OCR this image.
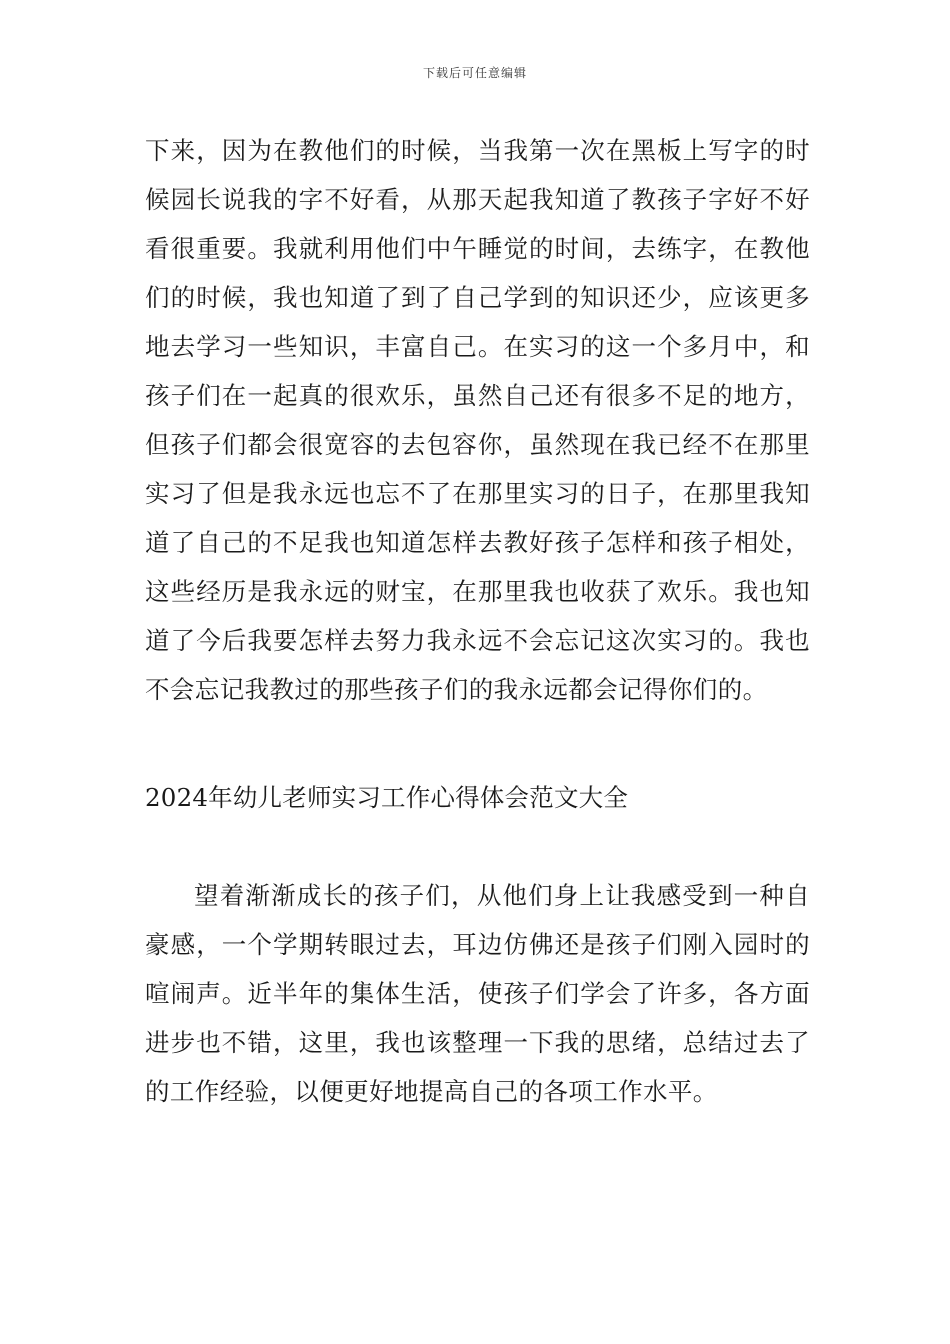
下载后可任意编辑

下来，因为在教他们的时候，当我第一次在黑板上写字的时候园长说我的字不好看，从那天起我知道了教孩子字好不好看很重要。我就利用他们中午睡觉的时间，去练字，在教他们的时候，我也知道了到了自己学到的知识还少，应该更多地去学习一些知识，丰富自己。在实习的这一个多月中，和孩子们在一起真的很欢乐，虽然自己还有很多不足的地方，但孩子们都会很宽容的去包容你，虽然现在我已经不在那里实习了但是我永远也忘不了在那里实习的日子，在那里我知道了自己的不足我也知道怎样去教好孩子怎样和孩子相处，这些经历是我永远的财宝，在那里我也收获了欢乐。我也知道了今后我要怎样去努力我永远不会忘记这次实习的。我也不会忘记我教过的那些孩子们的我永远都会记得你们的。

2024年幼儿老师实习工作心得体会范文大全

望着渐渐成长的孩子们，从他们身上让我感受到一种自豪感，一个学期转眼过去，耳边仿佛还是孩子们刚入园时的喧闹声。近半年的集体生活，使孩子们学会了许多，各方面进步也不错，这里，我也该整理一下我的思绪，总结过去了的工作经验，以便更好地提高自己的各项工作水平。
